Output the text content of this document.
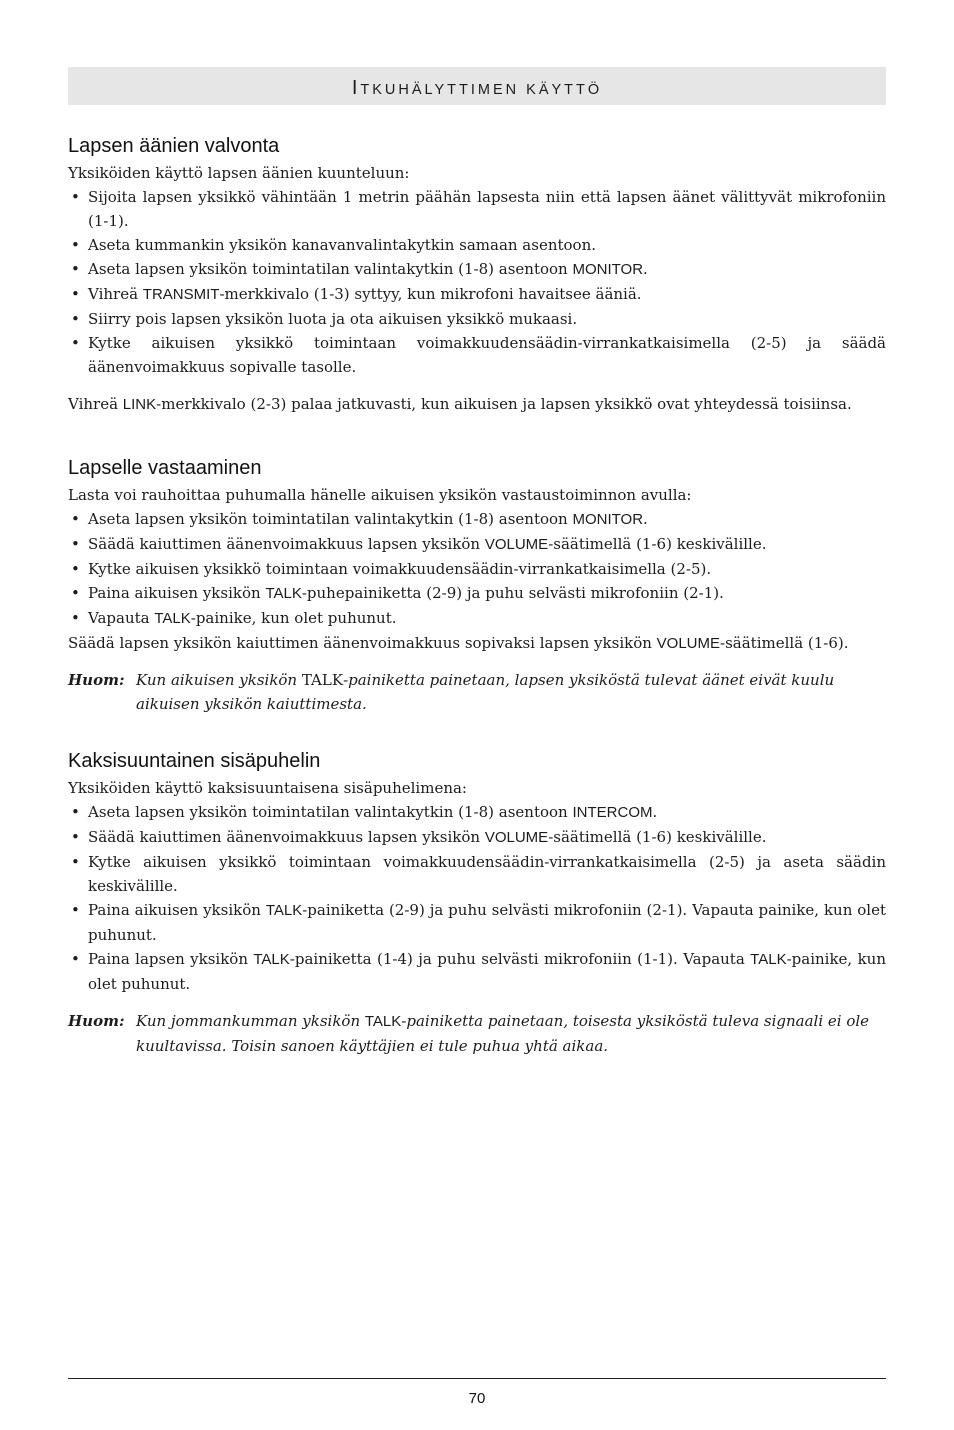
ITKUHÄLYTTIMEN KÄYTTÖ
Lapsen äänien valvonta

Yksiköiden käyttö lapsen äänien kuunteluun:

• Sijoita lapsen yksikkö vähintään 1 metrin päähän lapsesta niin että lapsen äänet välittyvät mikrofoniin (1-1).
• Aseta kummankin yksikön kanavanvalintakytkin samaan asentoon.
• Aseta lapsen yksikön toimintatilan valintakytkin (1-8) asentoon MONITOR.
• Vihreä TRANSMIT-merkkivalo (1-3) syttyy, kun mikrofoni havaitsee ääniä.
• Siirry pois lapsen yksikön luota ja ota aikuisen yksikkö mukaasi.
• Kytke aikuisen yksikkö toimintaan voimakkuudensäädin-virrankatkaisimella (2-5) ja säädä äänenvoimakkuus sopivalle tasolle.

Vihreä LINK-merkkivalo (2-3) palaa jatkuvasti, kun aikuisen ja lapsen yksikkö ovat yhteydessä toisiinsa.

Lapselle vastaaminen

Lasta voi rauhoittaa puhumalla hänelle aikuisen yksikön vastaustoiminnon avulla:

• Aseta lapsen yksikön toimintatilan valintakytkin (1-8) asentoon MONITOR.
• Säädä kaiuttimen äänenvoimakkuus lapsen yksikön VOLUME-säätimellä (1-6) keskivälille.
• Kytke aikuisen yksikkö toimintaan voimakkuudensäädin-virrankatkaisimella (2-5).
• Paina aikuisen yksikön TALK-puhepainiketta (2-9) ja puhu selvästi mikrofoniin (2-1).
• Vapauta TALK-painike, kun olet puhunut.

Säädä lapsen yksikön kaiuttimen äänenvoimakkuus sopivaksi lapsen yksikön VOLUME-säätimellä (1-6).

Huom: Kun aikuisen yksikön TALK-painiketta painetaan, lapsen yksiköstä tulevat äänet eivät kuulu aikuisen yksikön kaiuttimesta.
Kaksisuuntainen sisäpuhelin

Yksiköiden käyttö kaksisuuntaisena sisäpuhelimena:

• Aseta lapsen yksikön toimintatilan valintakytkin (1-8) asentoon INTERCOM.
• Säädä kaiuttimen äänenvoimakkuus lapsen yksikön VOLUME-säätimellä (1-6) keskivälille.
• Kytke aikuisen yksikkö toimintaan voimakkuudensäädin-virrankatkaisimella (2-5) ja aseta säädin keskivälille.
• Paina aikuisen yksikön TALK-painiketta (2-9) ja puhu selvästi mikrofoniin (2-1). Vapauta painike, kun olet puhunut.
• Paina lapsen yksikön TALK-painiketta (1-4) ja puhu selvästi mikrofoniin (1-1). Vapauta TALK-painike, kun olet puhunut.
Huom: Kun jommankumman yksikön TALK-painiketta painetaan, toisesta yksiköstä tuleva signaali ei ole kuultavissa. Toisin sanoen käyttäjien ei tule puhua yhtä aikaa.
70
